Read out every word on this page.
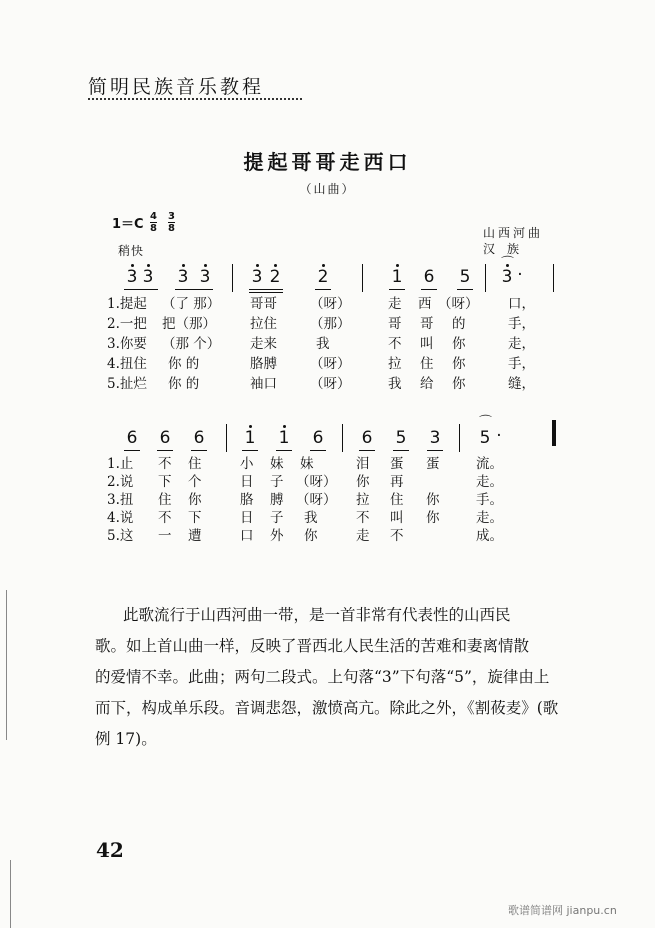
简明民族音乐教程
提起哥哥走西口
（山曲）
1＝C
4
8
3
8
稍快
山西河曲
汉族
3 3 3 3 3 2 2	1 6 5 3 ·
⌒
1.提起 （了 那） 哥哥 （呀）	走 西 （呀） 口，
2.一把 把（那）	拉住 （那）	哥 哥 的	手，
3.你要 （那 个） 走来	我	不 叫 你	走，
4.扭住 你 的	胳膊 （呀）	拉 住 你	手，
5.扯烂 你 的	袖口 （呀）	我 给 你	缝，
6 6 6 1 1 6 6 5 3 5 ·
⌒
1.止 不 住	小 妹 妹	泪 蛋 蛋	流。
2.说 下 个	日 子 （呀） 你 再	走。
3.扭 住 你	胳 膊 （呀） 拉 住 你	手。
4.说 不 下	日 子 我	不 叫 你	走。
5.这 一 遭	口 外 你	走 不	成。

此歌流行于山西河曲一带，是一首非常有代表性的山西民

歌。如上首山曲一样，反映了晋西北人民生活的苦难和妻离情散

的爱情不幸。此曲；两句二段式。上句落“3”下句落“5”，旋律由上

而下，构成单乐段。音调悲怨，激愤高亢。除此之外，《割莜麦》(歌

例 17)。

42
歌谱简谱网 jianpu.cn
